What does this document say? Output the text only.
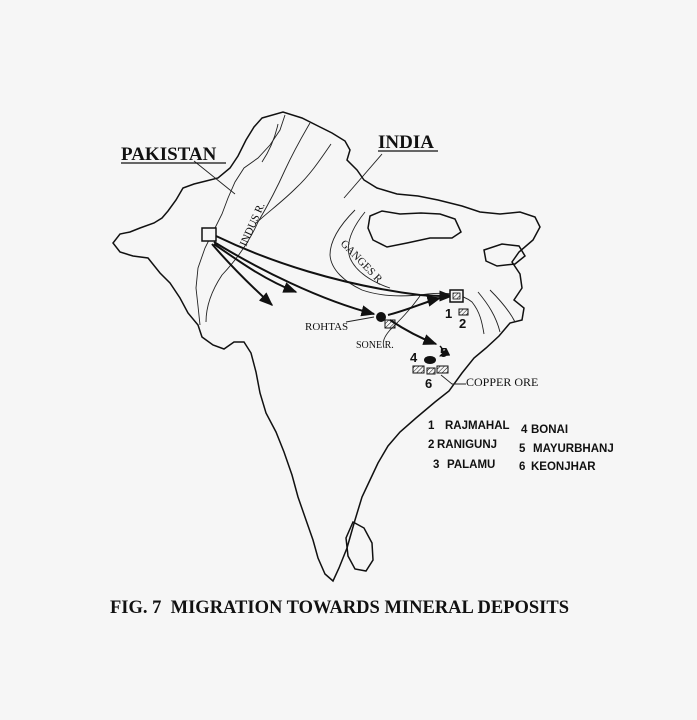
PAKISTAN
INDIA
INDUS R.
GANGES R.
SONE R.
ROHTAS
COPPER ORE
1
2
4 5
6
1 RAJMAHAL
2 RANIGUNJ
3 PALAMU
4 BONAI
5 MAYURBHANJ
6 KEONJHAR
FIG. 7  MIGRATION TOWARDS MINERAL DEPOSITS
